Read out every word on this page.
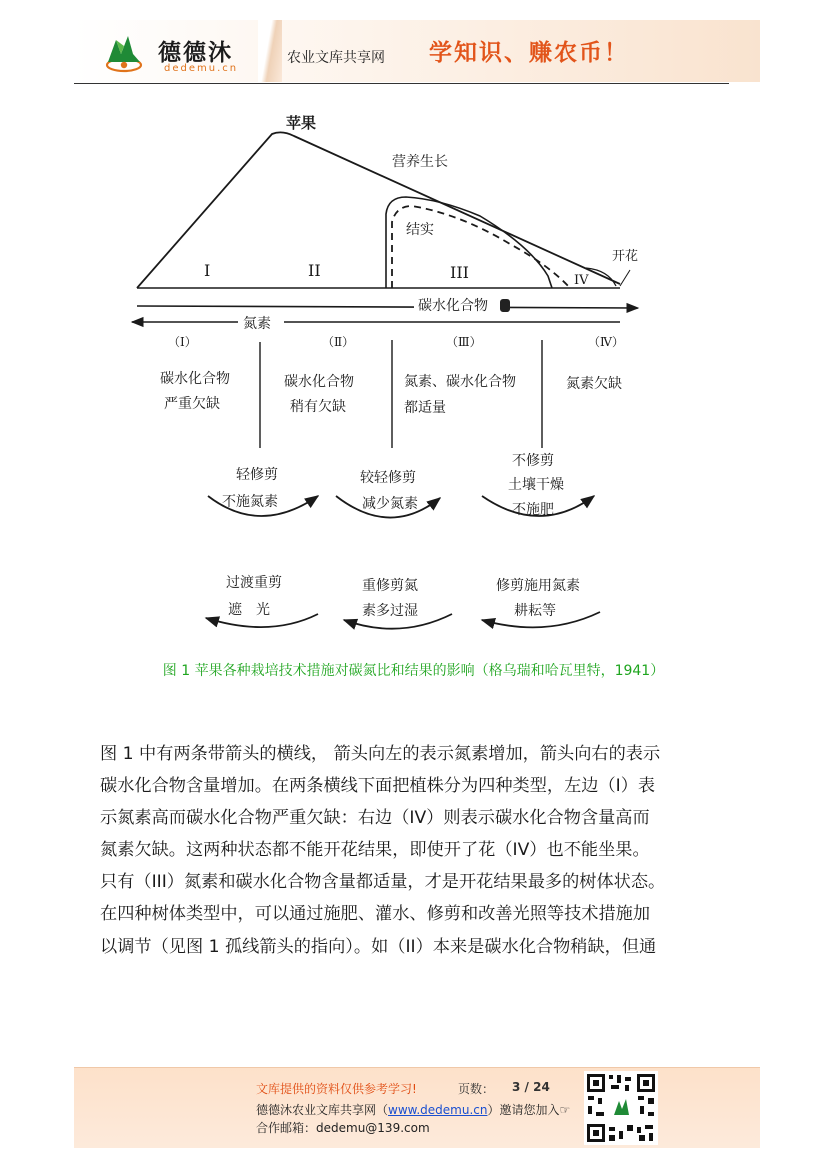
德德沐
dedemu.cn
农业文库共享网 学知识、赚农币！
苹果
营养生长
结实
开花
I	II	III	IV
碳水化合物
氮素
（Ⅰ）	（Ⅱ）	（Ⅲ）	（Ⅳ）
碳水化合物
严重欠缺
碳水化合物
稍有欠缺
氮素、碳水化合物
都适量
氮素欠缺
轻修剪
不施氮素
较轻修剪
减少氮素
不修剪
土壤干燥
不施肥
过渡重剪
遮　光
重修剪氮
素多过湿
修剪施用氮素
耕耘等
图 1 苹果各种栽培技术措施对碳氮比和结果的影响（格乌瑞和哈瓦里特，1941）
图 1 中有两条带箭头的横线， 箭头向左的表示氮素增加，箭头向右的表示
碳水化合物含量增加。在两条横线下面把植株分为四种类型，左边（I）表
示氮素高而碳水化合物严重欠缺：右边（IV）则表示碳水化合物含量高而
氮素欠缺。这两种状态都不能开花结果，即使开了花（IV）也不能坐果。
只有（III）氮素和碳水化合物含量都适量，才是开花结果最多的树体状态。
在四种树体类型中，可以通过施肥、灌水、修剪和改善光照等技术措施加
以调节（见图 1 孤线箭头的指向）。如（II）本来是碳水化合物稍缺，但通
文库提供的资料仅供参考学习!	页数： 3 / 24
德德沐农业文库共享网（www.dedemu.cn）邀请您加入☞
合作邮箱：dedemu@139.com
